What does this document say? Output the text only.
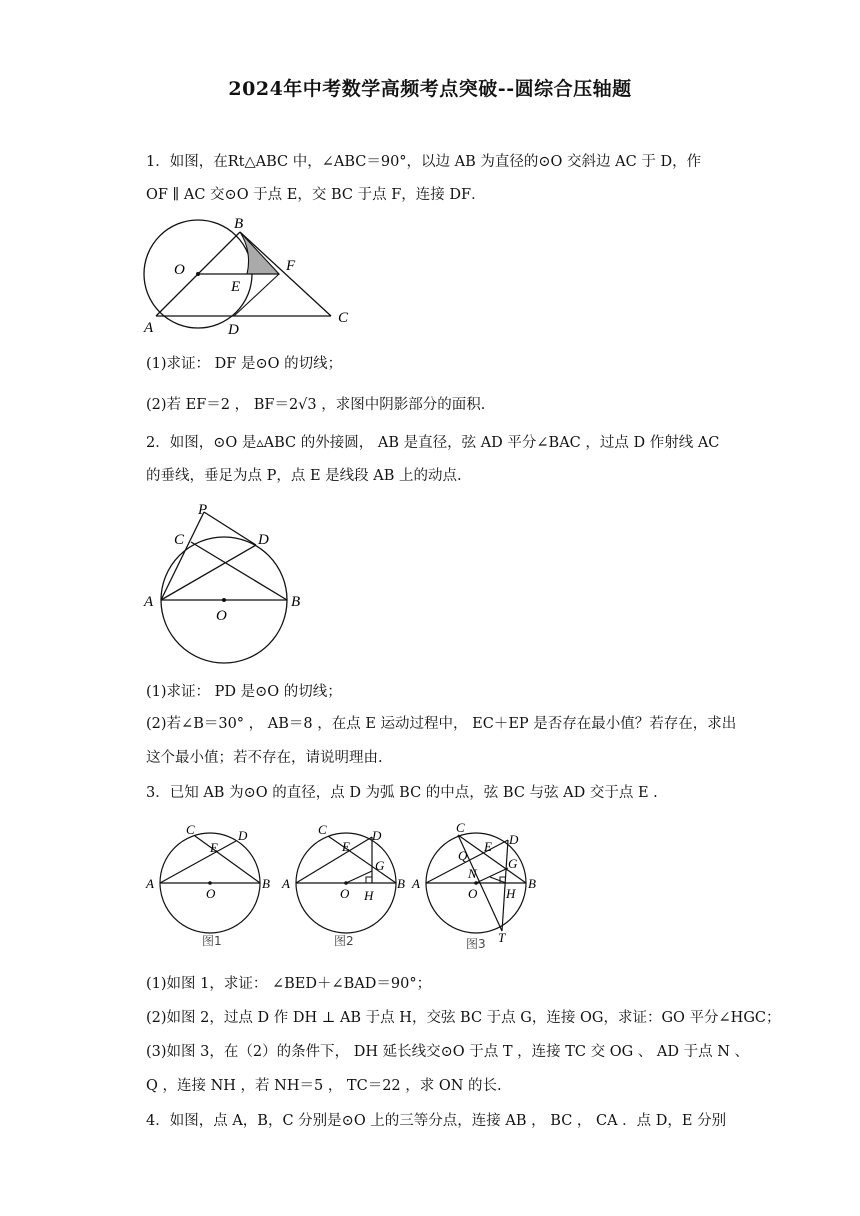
2024年中考数学高频考点突破--圆综合压轴题
1．如图，在Rt△ABC 中，∠ABC＝90°，以边 AB 为直径的⊙O 交斜边 AC 于 D，作
OF ∥ AC 交⊙O 于点 E，交 BC 于点 F，连接 DF．
B
F
O
E
A	D
C
(1)求证： DF 是⊙O 的切线；
(2)若 EF＝2 ， BF＝2√3 ，求图中阴影部分的面积.
2．如图，⊙O 是▵ABC 的外接圆， AB 是直径，弦 AD 平分∠BAC ，过点 D 作射线 AC
的垂线，垂足为点 P，点 E 是线段 AB 上的动点.
P
C	D
A
O
B
(1)求证： PD 是⊙O 的切线；
(2)若∠B＝30° ， AB＝8 ，在点 E 运动过程中， EC＋EP 是否存在最小值？若存在，求出
这个最小值；若不存在，请说明理由.
3．已知 AB 为⊙O 的直径，点 D 为弧 BC 的中点，弦 BC 与弦 AD 交于点 E .
C	D
E
A
O
B
图1
C	D
E
G
A
O H
B
图2
C
D
E
Q
G
N
A
O H
B
T
图3
(1)如图 1，求证： ∠BED＋∠BAD＝90°；
(2)如图 2，过点 D 作 DH ⊥ AB 于点 H，交弦 BC 于点 G，连接 OG，求证：GO 平分∠HGC；
(3)如图 3，在（2）的条件下， DH 延长线交⊙O 于点 T ，连接 TC 交 OG 、 AD 于点 N 、
Q ，连接 NH ，若 NH＝5 ， TC＝22 ，求 ON 的长.
4．如图，点 A，B，C 分别是⊙O 上的三等分点，连接 AB ， BC ， CA ．点 D，E 分别
